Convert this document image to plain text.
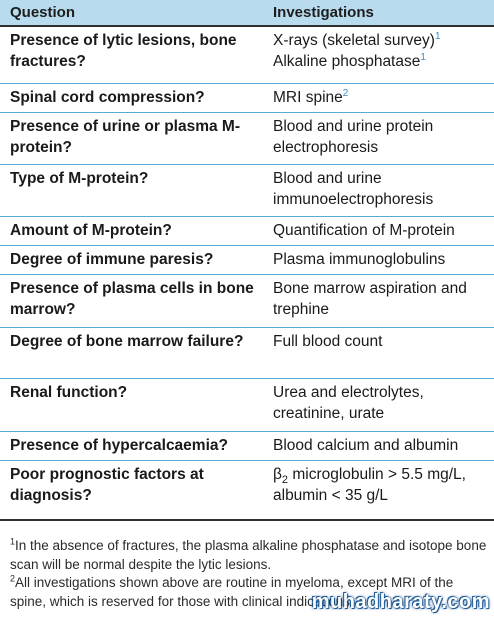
Question	Investigations
Presence of lytic lesions, bone fractures?	X-rays (skeletal survey)$^1$
Alkaline phosphatase$^1$
Spinal cord compression?	MRI spine$^2$
Presence of urine or plasma M-protein?	Blood and urine protein electrophoresis
Type of M-protein?	Blood and urine immunoelectrophoresis
Amount of M-protein?	Quantification of M-protein
Degree of immune paresis?	Plasma immunoglobulins
Presence of plasma cells in bone marrow?	Bone marrow aspiration and trephine
Degree of bone marrow failure?	Full blood count
Renal function?	Urea and electrolytes, creatinine, urate
Presence of hypercalcaemia?	Blood calcium and albumin
Poor prognostic factors at diagnosis?	$\beta_2$ microglobulin > 5.5 mg/L,
albumin < 35 g/L

$^1$In the absence of fractures, the plasma alkaline phosphatase and isotope bone scan will be normal despite the lytic lesions.

$^2$All investigations shown above are routine in myeloma, except MRI of the spine, which is reserved for those with clinical indications.

muhadharaty.com
